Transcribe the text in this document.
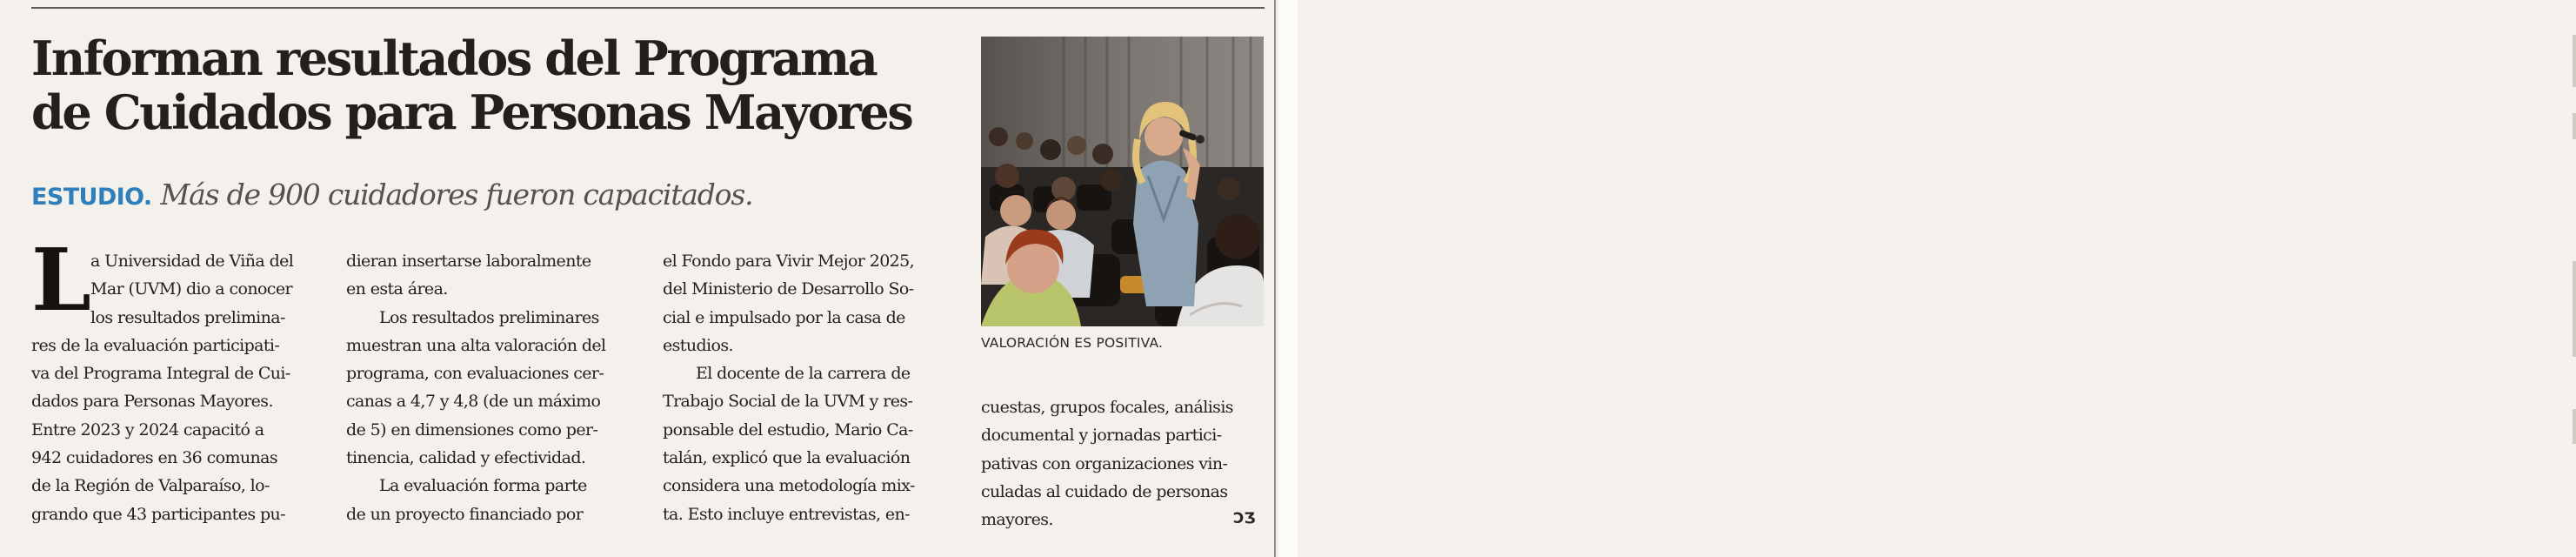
Informan resultados del Programa
de Cuidados para Personas Mayores
ESTUDIO. Más de 900 cuidadores fueron capacitados.
L a Universidad de Viña del
Mar (UVM) dio a conocer
los resultados prelimina-
res de la evaluación participati-
va del Programa Integral de Cui-
dados para Personas Mayores.
Entre 2023 y 2024 capacitó a
942 cuidadores en 36 comunas
de la Región de Valparaíso, lo-
grando que 43 participantes pu-
dieran insertarse laboralmente
en esta área.
Los resultados preliminares
muestran una alta valoración del
programa, con evaluaciones cer-
canas a 4,7 y 4,8 (de un máximo
de 5) en dimensiones como per-
tinencia, calidad y efectividad.
La evaluación forma parte
de un proyecto financiado por
el Fondo para Vivir Mejor 2025,
del Ministerio de Desarrollo So-
cial e impulsado por la casa de
estudios.
El docente de la carrera de
Trabajo Social de la UVM y res-
ponsable del estudio, Mario Ca-
talán, explicó que la evaluación
considera una metodología mix-
ta. Esto incluye entrevistas, en-
cuestas, grupos focales, análisis
documental y jornadas partici-
pativas con organizaciones vin-
culadas al cuidado de personas
mayores.
VALORACIÓN ES POSITIVA.
ƆƷ
